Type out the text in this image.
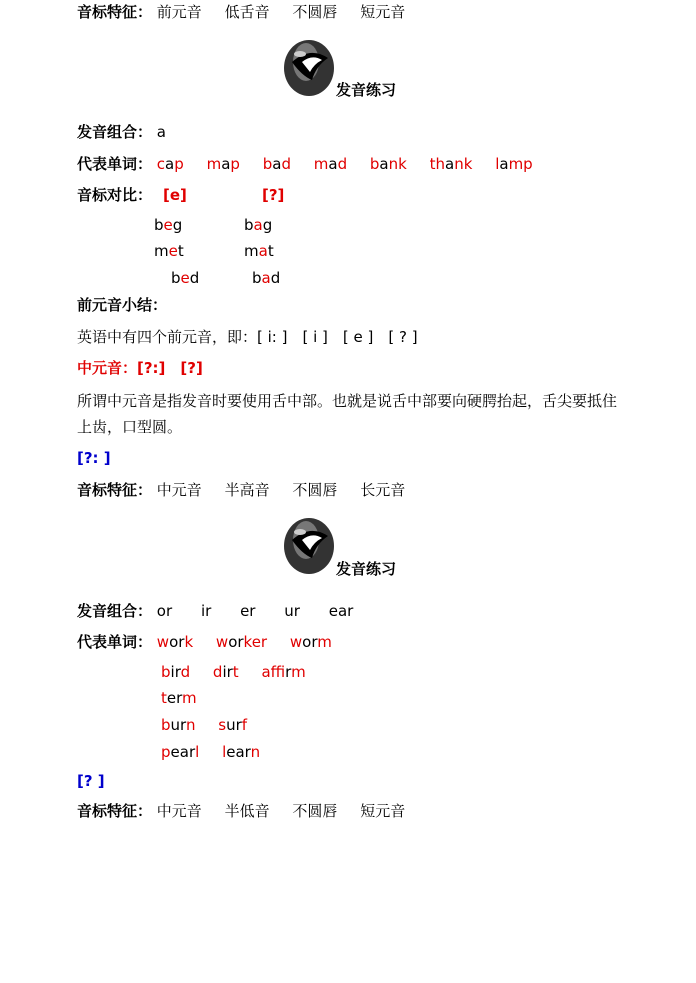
音标特征： 前元音 低舌音 不圆唇 短元音
发音练习
发音组合： a
代表单词： cap map bad mad bank thank lamp
音标对比： [e]	[?]
beg	bag
met	mat
bed	bad
前元音小结：
英语中有四个前元音，即：[ i: ]　[ i ]　[ e ]　[ ? ]
中元音：[?:]　[?]
所谓中元音是指发音时要使用舌中部。也就是说舌中部要向硬腭抬起，舌尖要抵住上齿，口型圆。
[?: ]
音标特征： 中元音 半高音 不圆唇 长元音
发音练习
发音组合： or ir er ur ear
代表单词： work worker worm
bird dirt affirm
term
burn surf
pearl learn
[? ]
音标特征： 中元音 半低音 不圆唇 短元音
